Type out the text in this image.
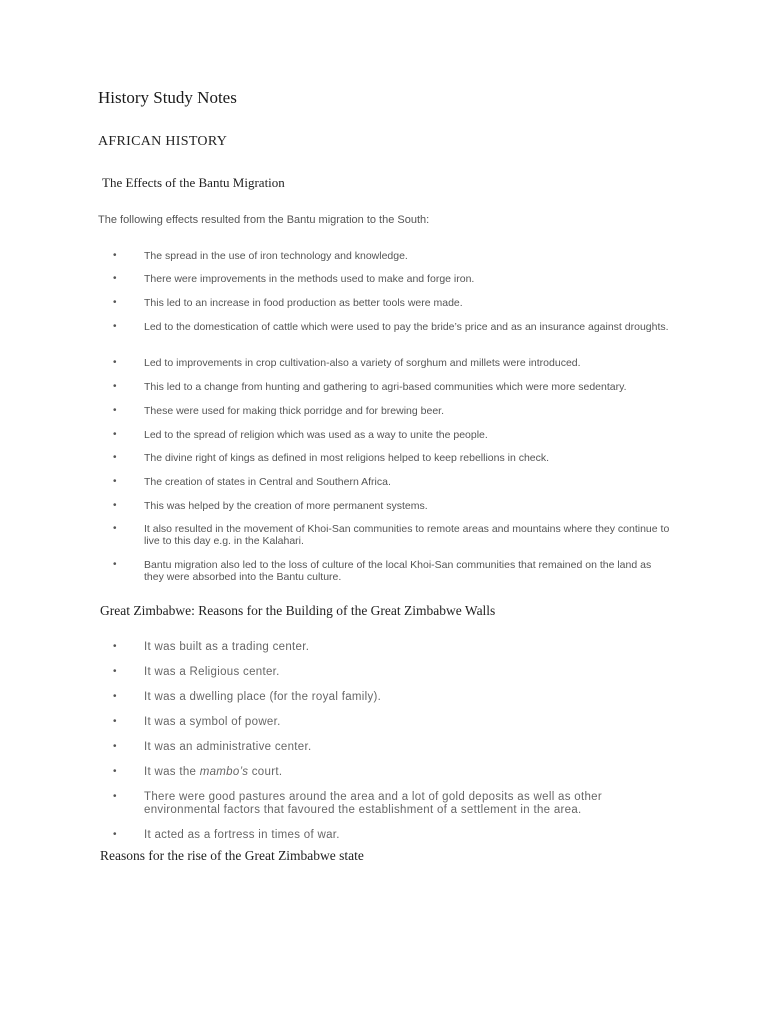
History Study Notes
AFRICAN HISTORY
The Effects of the Bantu Migration
The following effects resulted from the Bantu migration to the South:
•	The spread in the use of iron technology and knowledge.
•	There were improvements in the methods used to make and forge iron.
•	This led to an increase in food production as better tools were made.
•	Led to the domestication of cattle which were used to pay the bride’s price and as an insurance against droughts.
•	Led to improvements in crop cultivation-also a variety of sorghum and millets were introduced.
•	This led to a change from hunting and gathering to agri-based communities which were more sedentary.
•	These were used for making thick porridge and for brewing beer.
•	Led to the spread of religion which was used as a way to unite the people.
•	The divine right of kings as defined in most religions helped to keep rebellions in check.
•	The creation of states in Central and Southern Africa.
•	This was helped by the creation of more permanent systems.
•	It also resulted in the movement of Khoi-San communities to remote areas and mountains where they continue to live to this day e.g. in the Kalahari.
•	Bantu migration also led to the loss of culture of the local Khoi-San communities that remained on the land as they were absorbed into the Bantu culture.
Great Zimbabwe: Reasons for the Building of the Great Zimbabwe Walls
• It was built as a trading center.
• It was a Religious center.
• It was a dwelling place (for the royal family).
• It was a symbol of power.
• It was an administrative center.
• It was the mambo’s court.
• There were good pastures around the area and a lot of gold deposits as well as other environmental factors that favoured the establishment of a settlement in the area.
• It acted as a fortress in times of war.
Reasons for the rise of the Great Zimbabwe state
